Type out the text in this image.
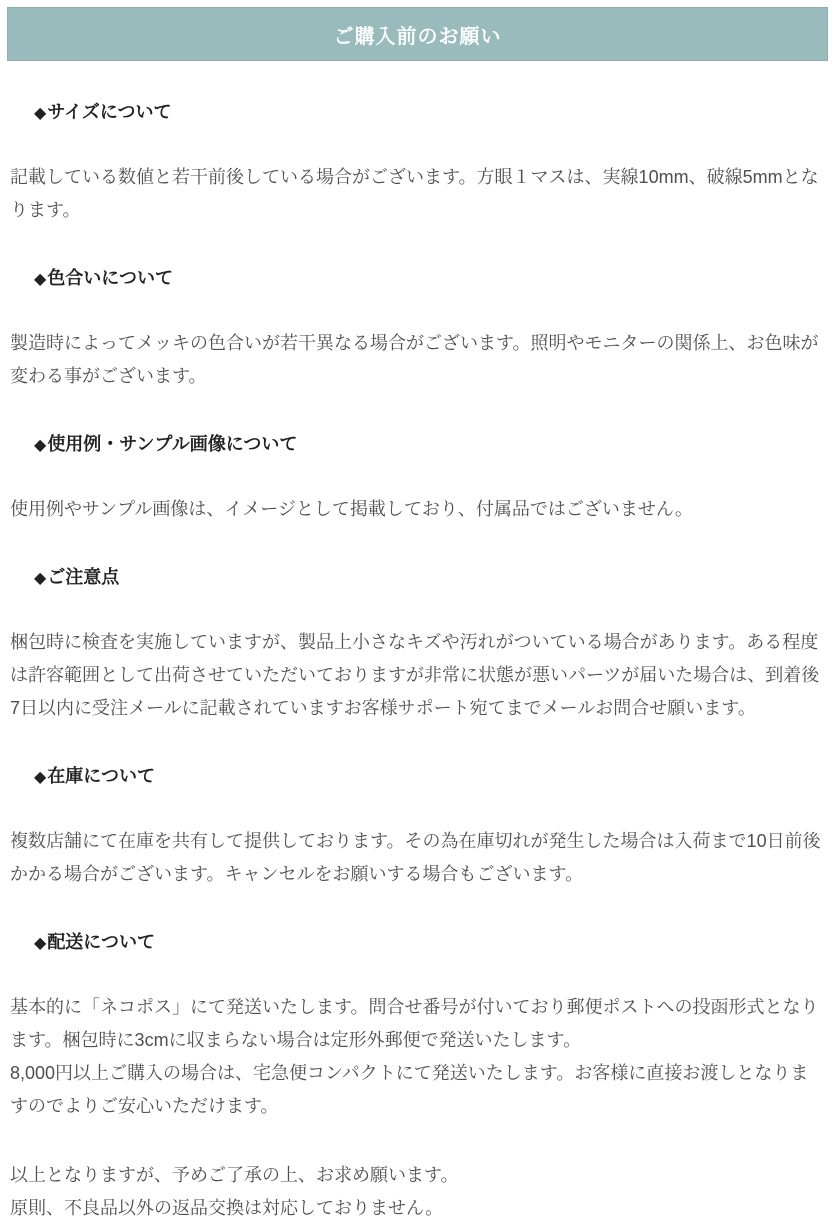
ご購入前のお願い
◆サイズについて

記載している数値と若干前後している場合がございます。方眼１マスは、実線10mm、破線5mmとなります。

◆色合いについて

製造時によってメッキの色合いが若干異なる場合がございます。照明やモニターの関係上、お色味が変わる事がございます。

◆使用例・サンプル画像について

使用例やサンプル画像は、イメージとして掲載しており、付属品ではございません。

◆ご注意点

梱包時に検査を実施していますが、製品上小さなキズや汚れがついている場合があります。ある程度は許容範囲として出荷させていただいておりますが非常に状態が悪いパーツが届いた場合は、到着後7日以内に受注メールに記載されていますお客様サポート宛てまでメールお問合せ願います。

◆在庫について

複数店舗にて在庫を共有して提供しております。その為在庫切れが発生した場合は入荷まで10日前後かかる場合がございます。キャンセルをお願いする場合もございます。

◆配送について

基本的に「ネコポス」にて発送いたします。問合せ番号が付いており郵便ポストへの投函形式となります。梱包時に3cmに収まらない場合は定形外郵便で発送いたします。
8,000円以上ご購入の場合は、宅急便コンパクトにて発送いたします。お客様に直接お渡しとなりますのでよりご安心いただけます。

以上となりますが、予めご了承の上、お求め願います。
原則、不良品以外の返品交換は対応しておりません。
